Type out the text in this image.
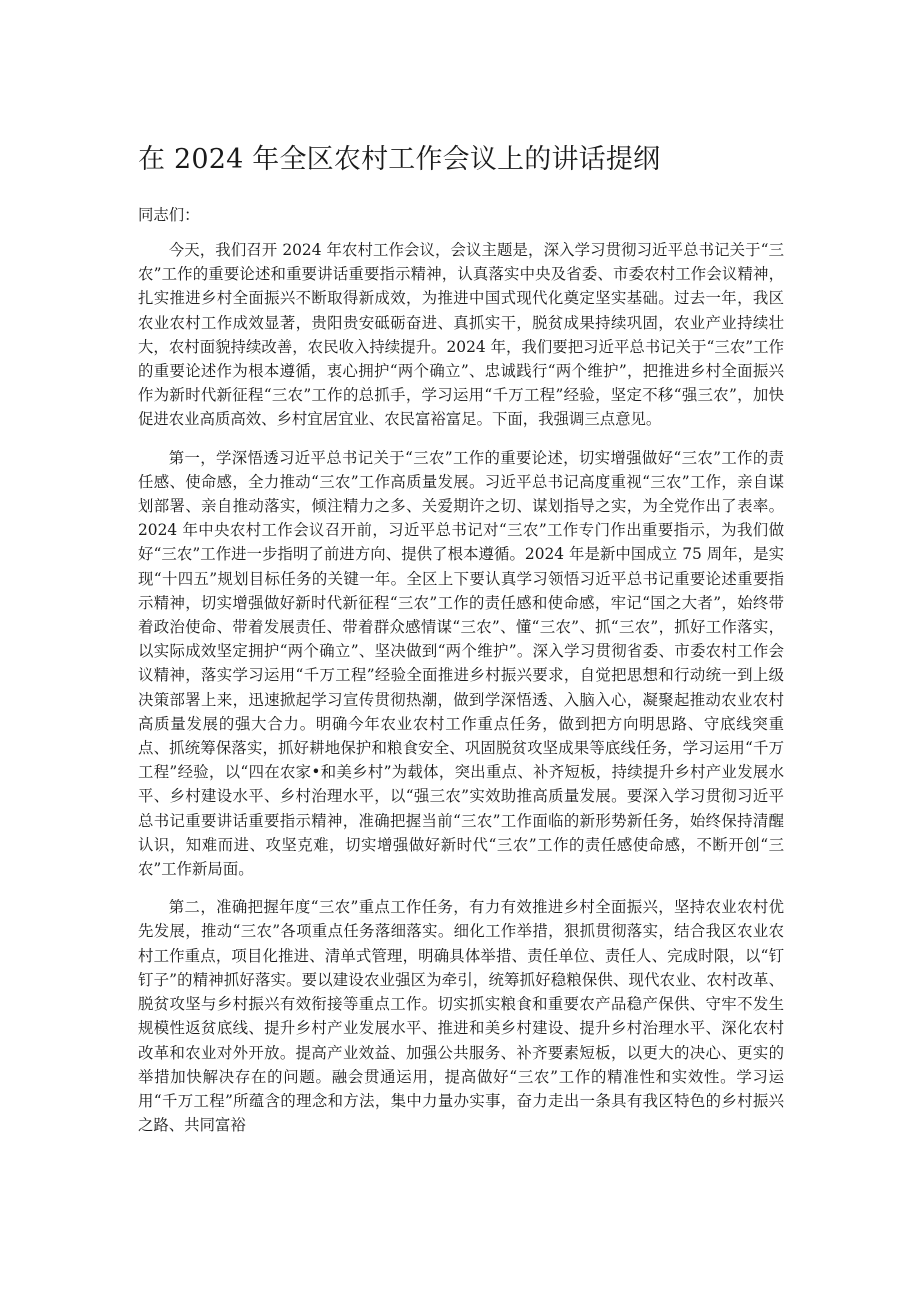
在 2024 年全区农村工作会议上的讲话提纲

同志们：

今天，我们召开 2024 年农村工作会议，会议主题是，深入学习贯彻习近平总书记关于“三农”工作的重要论述和重要讲话重要指示精神，认真落实中央及省委、市委农村工作会议精神，扎实推进乡村全面振兴不断取得新成效，为推进中国式现代化奠定坚实基础。过去一年，我区农业农村工作成效显著，贵阳贵安砥砺奋进、真抓实干，脱贫成果持续巩固，农业产业持续壮大，农村面貌持续改善，农民收入持续提升。2024 年，我们要把习近平总书记关于“三农”工作的重要论述作为根本遵循，衷心拥护“两个确立”、忠诚践行“两个维护”，把推进乡村全面振兴作为新时代新征程“三农”工作的总抓手，学习运用“千万工程”经验，坚定不移“强三农”，加快促进农业高质高效、乡村宜居宜业、农民富裕富足。下面，我强调三点意见。

第一，学深悟透习近平总书记关于“三农”工作的重要论述，切实增强做好“三农”工作的责任感、使命感，全力推动“三农”工作高质量发展。习近平总书记高度重视“三农”工作，亲自谋划部署、亲自推动落实，倾注精力之多、关爱期许之切、谋划指导之实，为全党作出了表率。2024 年中央农村工作会议召开前，习近平总书记对“三农”工作专门作出重要指示，为我们做好“三农”工作进一步指明了前进方向、提供了根本遵循。2024 年是新中国成立 75 周年，是实现“十四五”规划目标任务的关键一年。全区上下要认真学习领悟习近平总书记重要论述重要指示精神，切实增强做好新时代新征程“三农”工作的责任感和使命感，牢记“国之大者”，始终带着政治使命、带着发展责任、带着群众感情谋“三农”、懂“三农”、抓“三农”，抓好工作落实，以实际成效坚定拥护“两个确立”、坚决做到“两个维护”。深入学习贯彻省委、市委农村工作会议精神，落实学习运用“千万工程”经验全面推进乡村振兴要求，自觉把思想和行动统一到上级决策部署上来，迅速掀起学习宣传贯彻热潮，做到学深悟透、入脑入心，凝聚起推动农业农村高质量发展的强大合力。明确今年农业农村工作重点任务，做到把方向明思路、守底线突重点、抓统筹保落实，抓好耕地保护和粮食安全、巩固脱贫攻坚成果等底线任务，学习运用“千万工程”经验，以“四在农家•和美乡村”为载体，突出重点、补齐短板，持续提升乡村产业发展水平、乡村建设水平、乡村治理水平，以“强三农”实效助推高质量发展。要深入学习贯彻习近平总书记重要讲话重要指示精神，准确把握当前“三农”工作面临的新形势新任务，始终保持清醒认识，知难而进、攻坚克难，切实增强做好新时代“三农”工作的责任感使命感，不断开创“三农”工作新局面。

第二，准确把握年度“三农”重点工作任务，有力有效推进乡村全面振兴，坚持农业农村优先发展，推动“三农”各项重点任务落细落实。细化工作举措，狠抓贯彻落实，结合我区农业农村工作重点，项目化推进、清单式管理，明确具体举措、责任单位、责任人、完成时限，以“钉钉子”的精神抓好落实。要以建设农业强区为牵引，统筹抓好稳粮保供、现代农业、农村改革、脱贫攻坚与乡村振兴有效衔接等重点工作。切实抓实粮食和重要农产品稳产保供、守牢不发生规模性返贫底线、提升乡村产业发展水平、推进和美乡村建设、提升乡村治理水平、深化农村改革和农业对外开放。提高产业效益、加强公共服务、补齐要素短板，以更大的决心、更实的举措加快解决存在的问题。融会贯通运用，提高做好“三农”工作的精准性和实效性。学习运用“千万工程”所蕴含的理念和方法，集中力量办实事，奋力走出一条具有我区特色的乡村振兴之路、共同富裕
